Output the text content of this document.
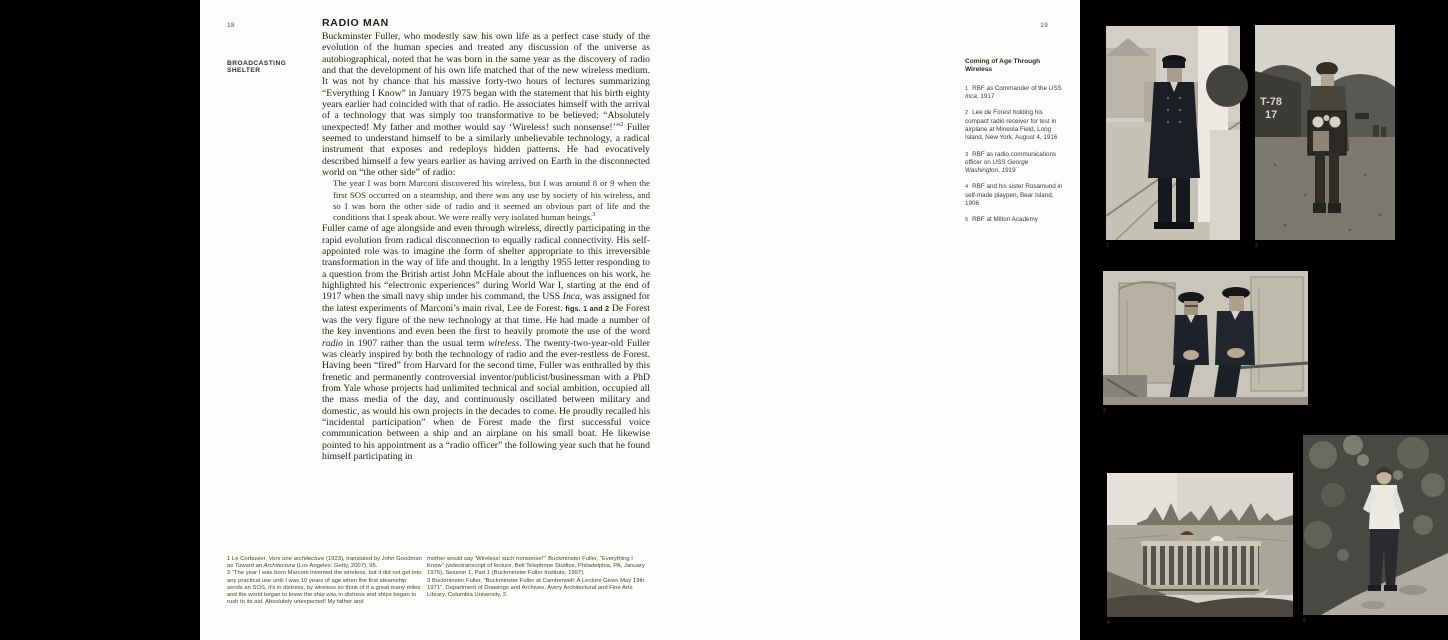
18
BROADCASTING SHELTER
RADIO MAN
Buckminster Fuller, who modestly saw his own life as a perfect case study of the evolution of the human species and treated any discussion of the universe as autobiographical, noted that he was born in the same year as the discovery of radio and that the development of his own life matched that of the new wireless medium. It was not by chance that his massive forty-two hours of lectures summarizing “Everything I Know” in January 1975 began with the statement that his birth eighty years earlier had coincided with that of radio. He associates himself with the arrival of a technology that was simply too transformative to be believed: “Absolutely unexpected! My father and mother would say ‘Wireless! such nonsense!’”$^2$ Fuller seemed to understand himself to be a similarly unbelievable technology, a radical instrument that exposes and redeploys hidden patterns. He had evocatively described himself a few years earlier as having arrived on Earth in the disconnected world on “the other side” of radio:
The year I was born Marconi discovered his wireless, but I was around 8 or 9 when the first SOS occurred on a steamship, and there was any use by society of his wireless, and so I was born the other side of radio and it seemed an obvious part of life and the conditions that I speak about. We were really very isolated human beings.$^3$
Fuller came of age alongside and even through wireless, directly participating in the rapid evolution from radical disconnection to equally radical connectivity. His self-appointed role was to imagine the form of shelter appropriate to this irreversible transformation in the way of life and thought. In a lengthy 1955 letter responding to a question from the British artist John McHale about the influences on his work, he highlighted his “electronic experiences” during World War I, starting at the end of 1917 when the small navy ship under his command, the USS Inca, was assigned for the latest experiments of Marconi’s main rival, Lee de Forest. figs. 1 and 2 De Forest was the very figure of the new technology at that time. He had made a number of the key inventions and even been the first to heavily promote the use of the word radio in 1907 rather than the usual term wireless. The twenty-two-year-old Fuller was clearly inspired by both the technology of radio and the ever-restless de Forest. Having been “fired” from Harvard for the second time, Fuller was enthralled by this frenetic and permanently controversial inventor/publicist/businessman with a PhD from Yale whose projects had unlimited technical and social ambition, occupied all the mass media of the day, and continuously oscillated between military and domestic, as would his own projects in the decades to come. He proudly recalled his “incidental participation” when de Forest made the first successful voice communication between a ship and an airplane on his small boat. He likewise pointed to his appointment as a “radio officer” the following year such that he found himself participating in
1 Le Corbusier, Vers une architecture (1923), translated by John Goodman as Toward an Architecture (Los Angeles: Getty, 2007), 95.
2 “The year I was born Marconi invented the wireless, but it did not get into any practical use until I was 10 years of age when the first steamship sends an SOS, it’s in distress, by wireless so think of it a great many miles and the world began to know the ship was in distress and ships began to rush to its aid. Absolutely unexpected! My father and
mother would say ‘Wireless! such nonsense!’” Buckminster Fuller, “Everything I Know” (videotranscript of lecture, Bell Telephone Studios, Philadelphia, PA, January 1975), Session 1, Part 1 (Buckminster Fuller Institute, 1997).
3 Buckminster Fuller, “Buckminster Fuller at Camberwell: A Lecture Given May 19th 1971”, Department of Drawings and Archives, Avery Architectural and Fine Arts Library, Columbia University, 2.
19
1
T-78
17
2
3
4	5
Coming of Age Through Wireless
1 RBF as Commander of the USS Inca, 1917
2 Lee de Forest holding his compact radio receiver for test in airplane at Mineola Field, Long Island, New York, August 4, 1916
3 RBF as radio communications officer on USS George Washington, 1919
4 RBF and his sister Rosamund in self-made playpen, Bear Island, 1906
5 RBF at Milton Academy
